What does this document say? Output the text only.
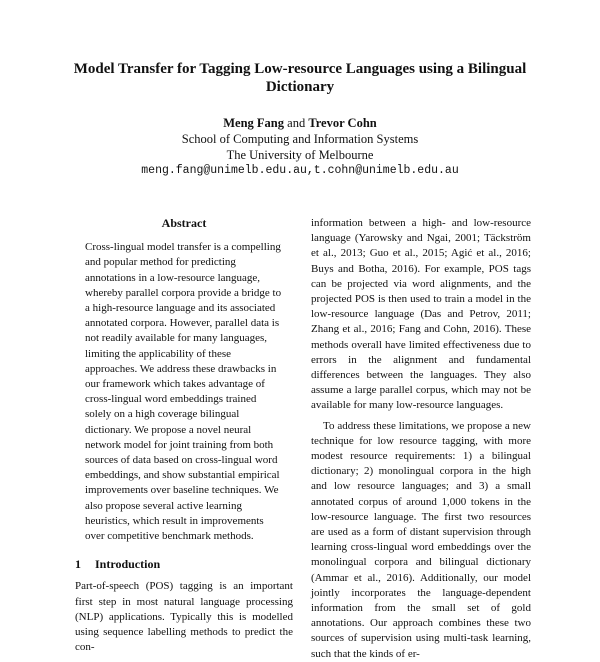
Model Transfer for Tagging Low-resource Languages using a Bilingual Dictionary
Meng Fang and Trevor Cohn
School of Computing and Information Systems
The University of Melbourne
meng.fang@unimelb.edu.au,t.cohn@unimelb.edu.au
Abstract

Cross-lingual model transfer is a compelling and popular method for predicting annotations in a low-resource language, whereby parallel corpora provide a bridge to a high-resource language and its associated annotated corpora. However, parallel data is not readily available for many languages, limiting the applicability of these approaches. We address these drawbacks in our framework which takes advantage of cross-lingual word embeddings trained solely on a high coverage bilingual dictionary. We propose a novel neural network model for joint training from both sources of data based on cross-lingual word embeddings, and show substantial empirical improvements over baseline techniques. We also propose several active learning heuristics, which result in improvements over competitive benchmark methods.

1 Introduction

Part-of-speech (POS) tagging is an important first step in most natural language processing (NLP) applications. Typically this is modelled using sequence labelling methods to predict the con-

information between a high- and low-resource language (Yarowsky and Ngai, 2001; Täckström et al., 2013; Guo et al., 2015; Agić et al., 2016; Buys and Botha, 2016). For example, POS tags can be projected via word alignments, and the projected POS is then used to train a model in the low-resource language (Das and Petrov, 2011; Zhang et al., 2016; Fang and Cohn, 2016). These methods overall have limited effectiveness due to errors in the alignment and fundamental differences between the languages. They also assume a large parallel corpus, which may not be available for many low-resource languages.

To address these limitations, we propose a new technique for low resource tagging, with more modest resource requirements: 1) a bilingual dictionary; 2) monolingual corpora in the high and low resource languages; and 3) a small annotated corpus of around 1,000 tokens in the low-resource language. The first two resources are used as a form of distant supervision through learning cross-lingual word embeddings over the monolingual corpora and bilingual dictionary (Ammar et al., 2016). Additionally, our model jointly incorporates the language-dependent information from the small set of gold annotations. Our approach combines these two sources of supervision using multi-task learning, such that the kinds of er-
